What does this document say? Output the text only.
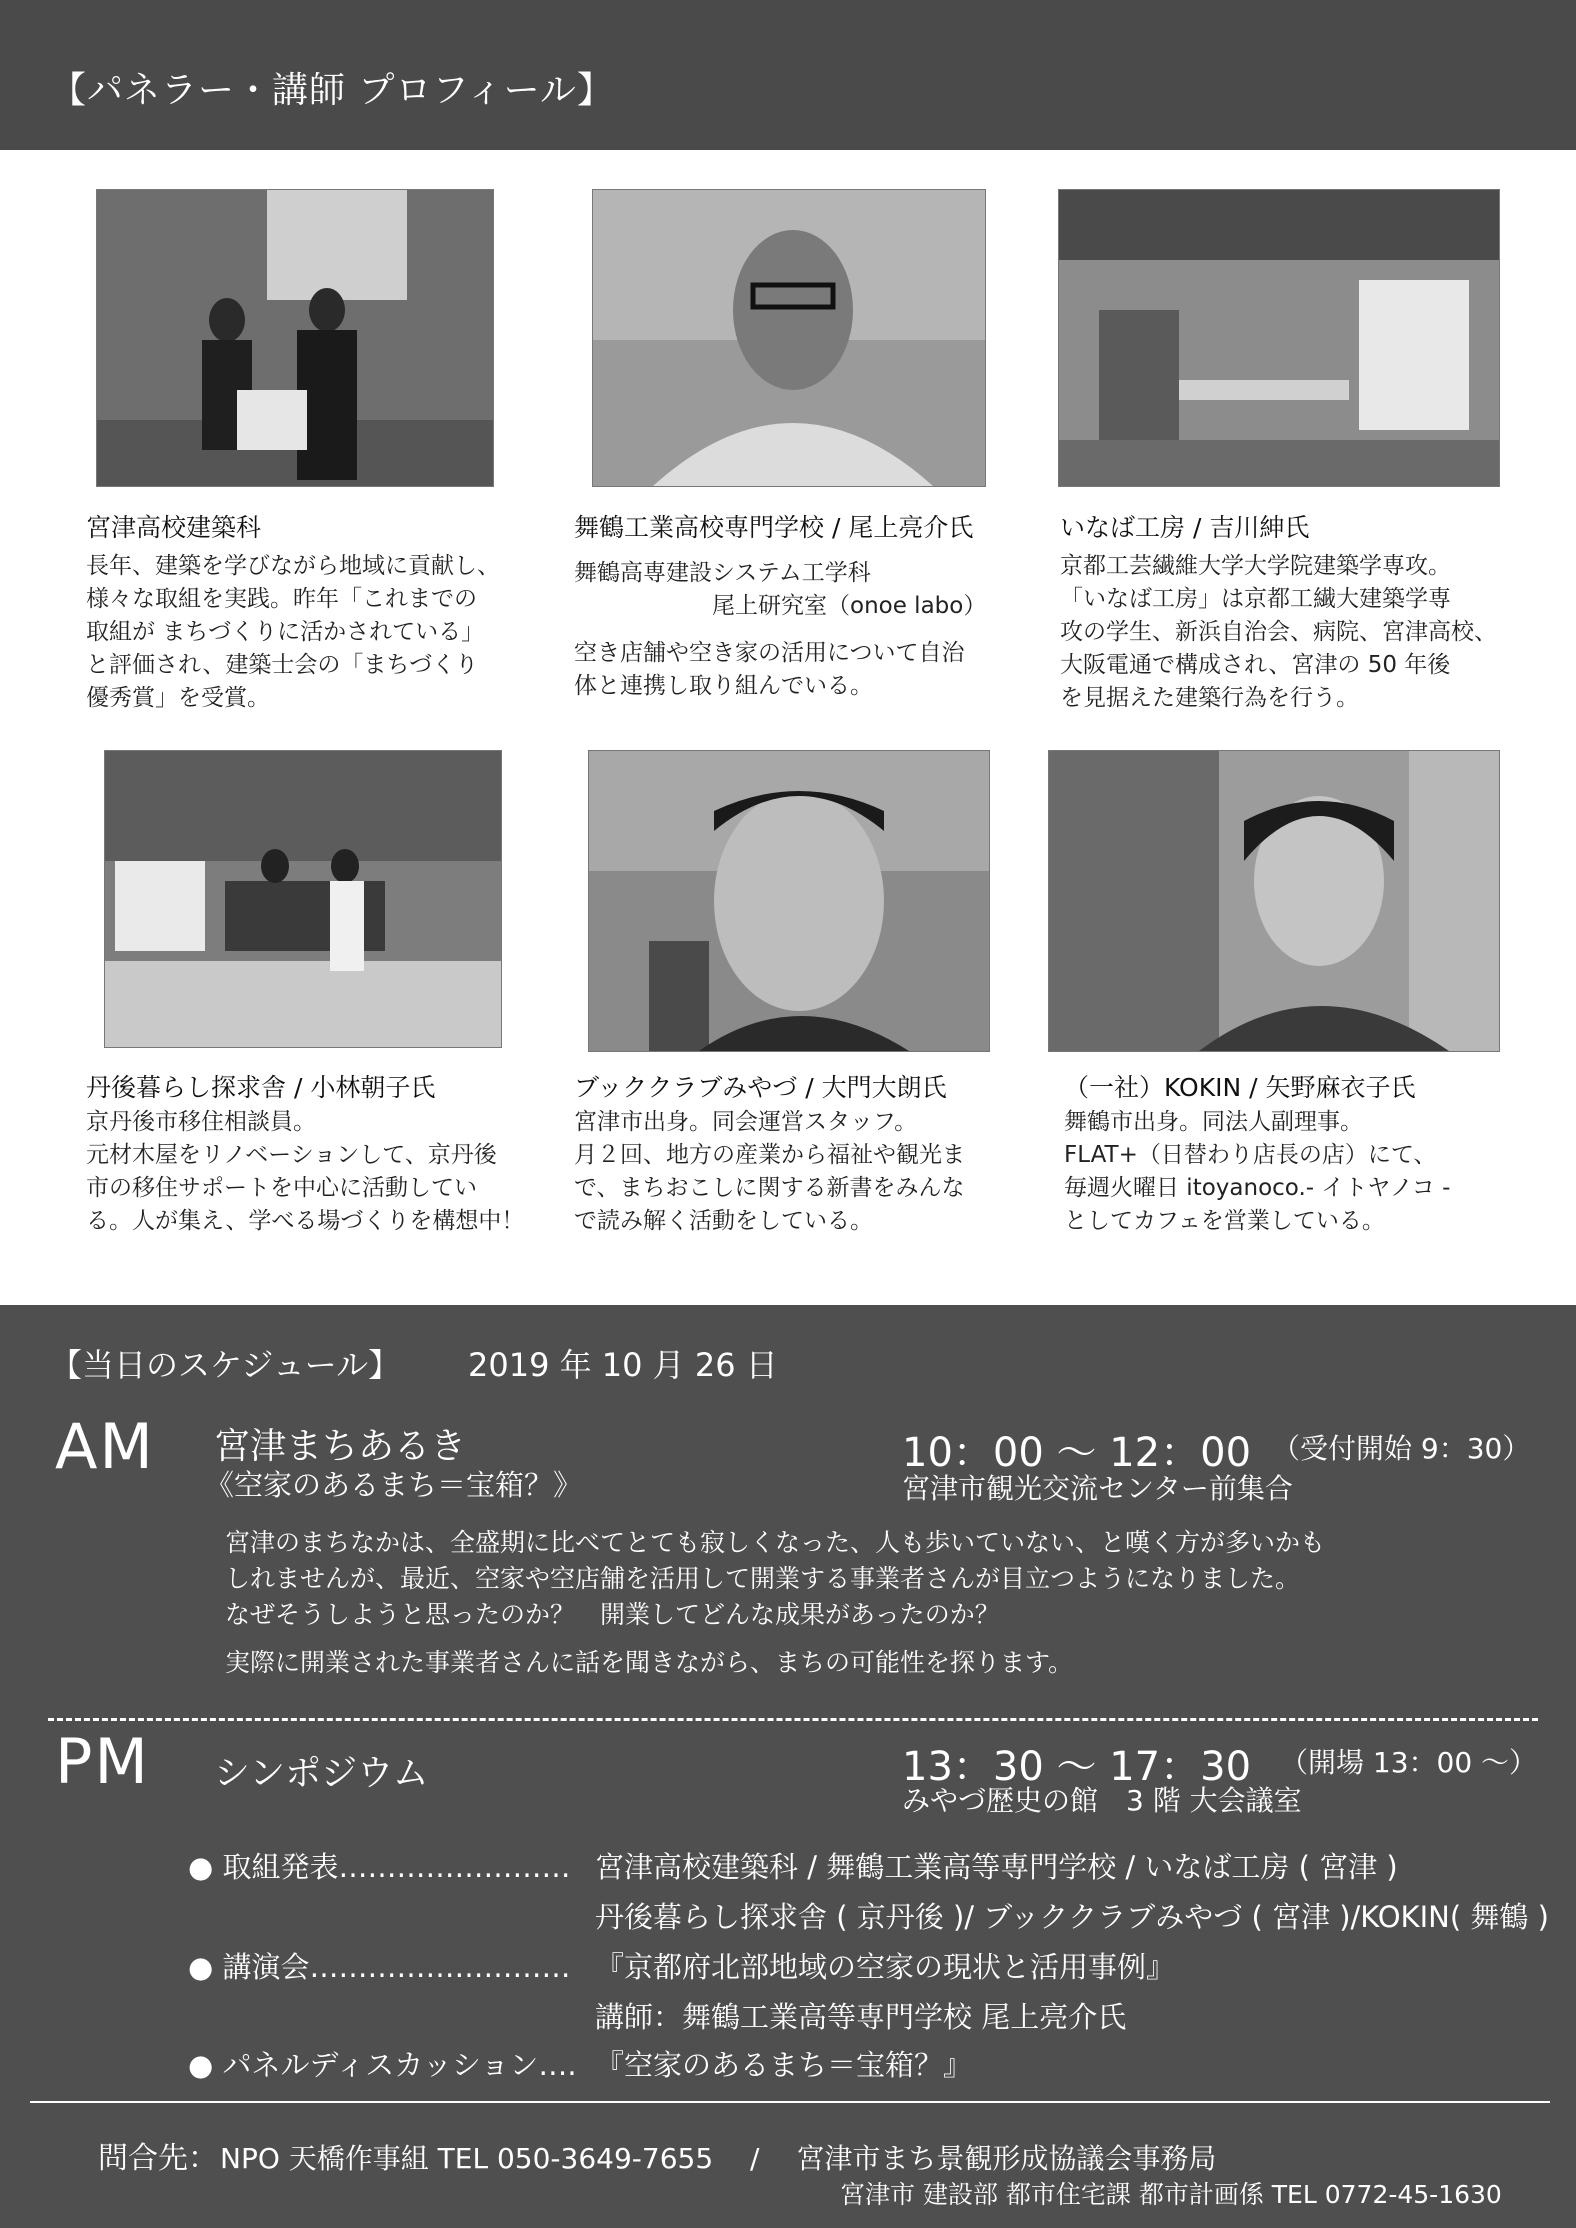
【パネラー・講師 プロフィール】
宮津高校建築科
長年、建築を学びながら地域に貢献し、
様々な取組を実践。昨年「これまでの
取組が まちづくりに活かされている」
と評価され、建築士会の「まちづくり
優秀賞」を受賞。
舞鶴工業高校専門学校 / 尾上亮介氏
舞鶴高専建設システム工学科
尾上研究室（onoe labo）
空き店舗や空き家の活用について自治
体と連携し取り組んでいる。
いなば工房 / 吉川紳氏
京都工芸繊維大学大学院建築学専攻。
「いなば工房」は京都工繊大建築学専
攻の学生、新浜自治会、病院、宮津高校、
大阪電通で構成され、宮津の 50 年後
を見据えた建築行為を行う。
丹後暮らし探求舎 / 小林朝子氏
京丹後市移住相談員。
元材木屋をリノベーションして、京丹後
市の移住サポートを中心に活動してい
る。人が集え、学べる場づくりを構想中！
ブッククラブみやづ / 大門大朗氏
宮津市出身。同会運営スタッフ。
月２回、地方の産業から福祉や観光ま
で、まちおこしに関する新書をみんな
で読み解く活動をしている。
（一社）KOKIN / 矢野麻衣子氏
舞鶴市出身。同法人副理事。
FLAT+（日替わり店長の店）にて、
毎週火曜日 itoyanoco.- イトヤノコ -
としてカフェを営業している。
【当日のスケジュール】 2019 年 10 月 26 日
AM 宮津まちあるき
《空家のあるまち＝宝箱？》
10：00 〜 12：00 （受付開始 9：30）
宮津市観光交流センター前集合

宮津のまちなかは、全盛期に比べてとても寂しくなった、人も歩いていない、と嘆く方が多いかも

しれませんが、最近、空家や空店舗を活用して開業する事業者さんが目立つようになりました。

なぜそうしようと思ったのか？　開業してどんな成果があったのか？

実際に開業された事業者さんに話を聞きながら、まちの可能性を探ります。

PM シンポジウム	13：30 〜 17：30 （開場 13：00 〜）
みやづ歴史の館　3 階 大会議室
● 取組発表…………………… 宮津高校建築科 / 舞鶴工業高等専門学校 / いなば工房 ( 宮津 )
丹後暮らし探求舎 ( 京丹後 )/ ブッククラブみやづ ( 宮津 )/KOKIN( 舞鶴 )
● 講演会……………………… 『京都府北部地域の空家の現状と活用事例』
講師：舞鶴工業高等専門学校 尾上亮介氏
● パネルディスカッション…. 『空家のあるまち＝宝箱？』
問合先： NPO 天橋作事組 TEL 050-3649-7655　 /　 宮津市まち景観形成協議会事務局
宮津市 建設部 都市住宅課 都市計画係 TEL 0772-45-1630
